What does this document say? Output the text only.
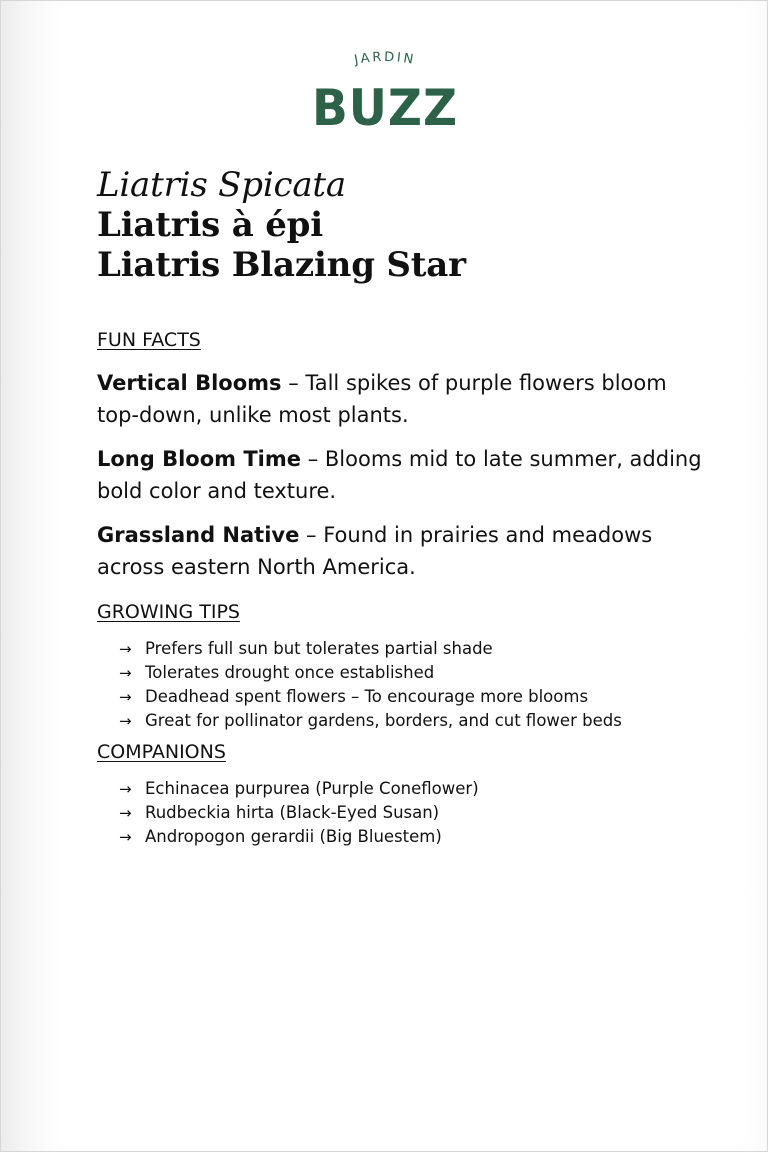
JARDIN
BUZZ
Liatris Spicata
Liatris à épi
Liatris Blazing Star
FUN FACTS

Vertical Blooms – Tall spikes of purple flowers bloom top-down, unlike most plants.

Long Bloom Time – Blooms mid to late summer, adding bold color and texture.

Grassland Native – Found in prairies and meadows across eastern North America.

GROWING TIPS
→ Prefers full sun but tolerates partial shade
→ Tolerates drought once established
→ Deadhead spent flowers – To encourage more blooms
→ Great for pollinator gardens, borders, and cut flower beds
COMPANIONS
→ Echinacea purpurea (Purple Coneflower)
→ Rudbeckia hirta (Black-Eyed Susan)
→ Andropogon gerardii (Big Bluestem)
